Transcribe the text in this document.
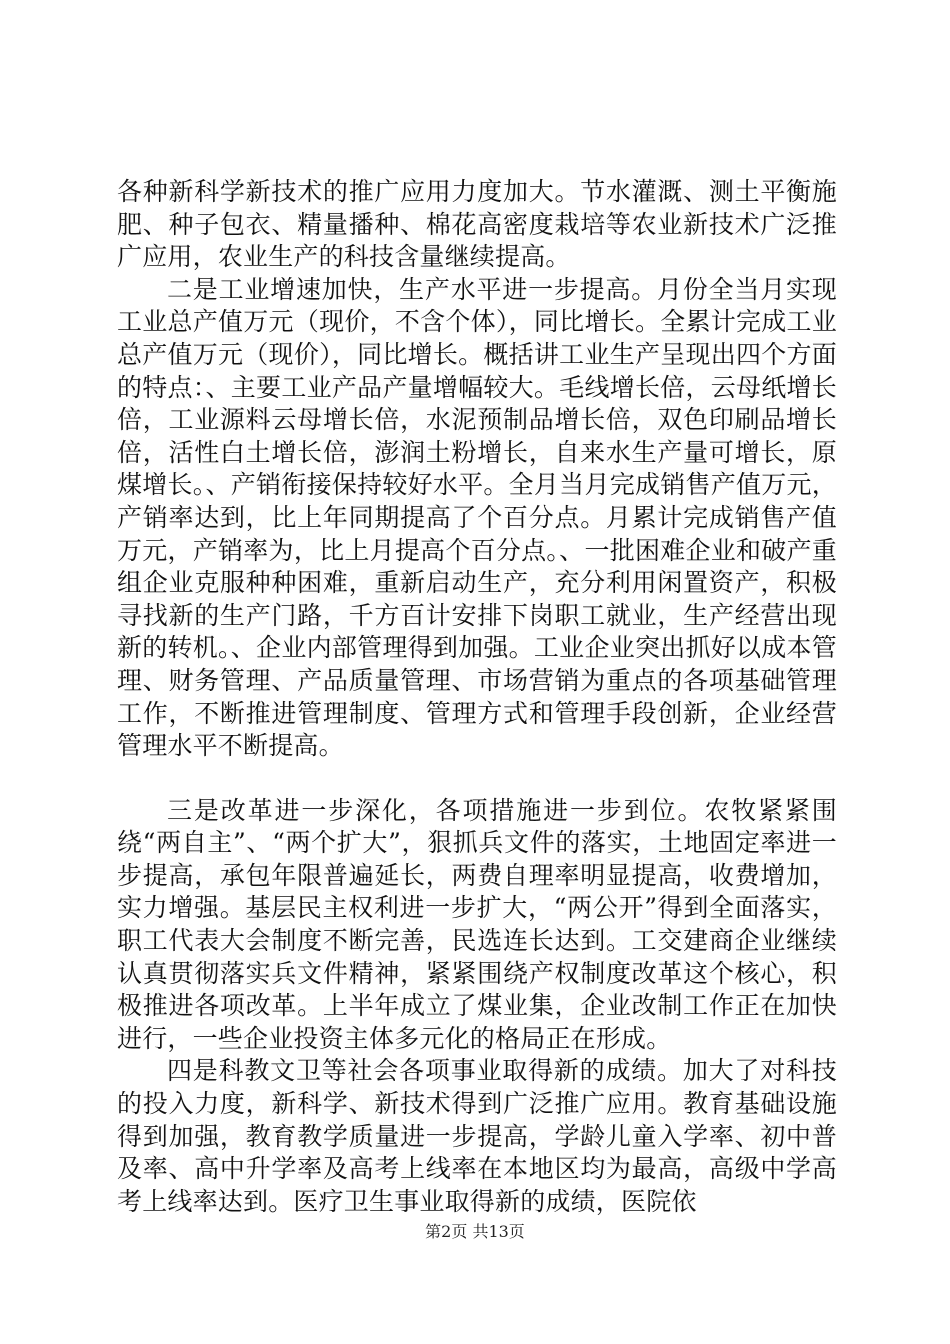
各种新科学新技术的推广应用力度加大。节水灌溉、测土平衡施肥、种子包衣、精量播种、棉花高密度栽培等农业新技术广泛推广应用，农业生产的科技含量继续提高。

二是工业增速加快，生产水平进一步提高。月份全当月实现工业总产值万元（现价，不含个体），同比增长。全累计完成工业总产值万元（现价），同比增长。概括讲工业生产呈现出四个方面的特点：、主要工业产品产量增幅较大。毛线增长倍，云母纸增长倍，工业源料云母增长倍，水泥预制品增长倍，双色印刷品增长倍，活性白土增长倍，澎润土粉增长，自来水生产量可增长，原煤增长。、产销衔接保持较好水平。全月当月完成销售产值万元，产销率达到，比上年同期提高了个百分点。月累计完成销售产值万元，产销率为，比上月提高个百分点。、一批困难企业和破产重组企业克服种种困难，重新启动生产，充分利用闲置资产，积极寻找新的生产门路，千方百计安排下岗职工就业，生产经营出现新的转机。、企业内部管理得到加强。工业企业突出抓好以成本管理、财务管理、产品质量管理、市场营销为重点的各项基础管理工作，不断推进管理制度、管理方式和管理手段创新，企业经营管理水平不断提高。

三是改革进一步深化，各项措施进一步到位。农牧紧紧围绕“两自主”、“两个扩大”，狠抓兵文件的落实，土地固定率进一步提高，承包年限普遍延长，两费自理率明显提高，收费增加，实力增强。基层民主权利进一步扩大，“两公开”得到全面落实，职工代表大会制度不断完善，民选连长达到。工交建商企业继续认真贯彻落实兵文件精神，紧紧围绕产权制度改革这个核心，积极推进各项改革。上半年成立了煤业集，企业改制工作正在加快进行，一些企业投资主体多元化的格局正在形成。

四是科教文卫等社会各项事业取得新的成绩。加大了对科技的投入力度，新科学、新技术得到广泛推广应用。教育基础设施得到加强，教育教学质量进一步提高，学龄儿童入学率、初中普及率、高中升学率及高考上线率在本地区均为最高，高级中学高考上线率达到。医疗卫生事业取得新的成绩，医院依

第2页 共13页
